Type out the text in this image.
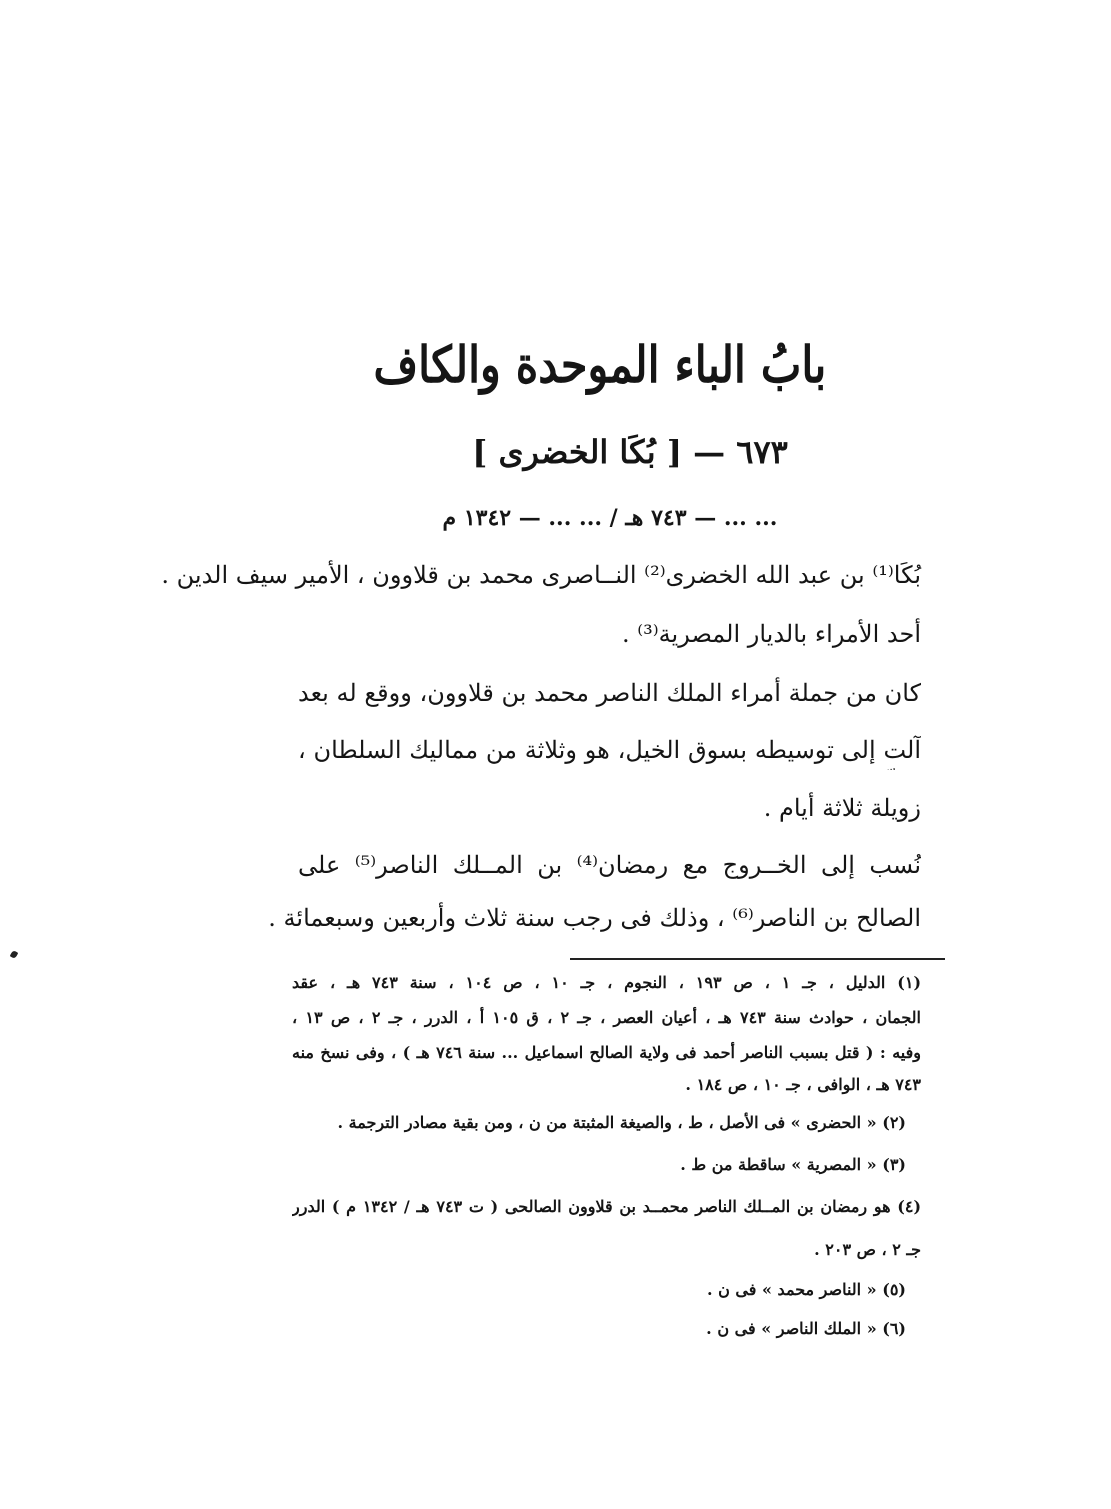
بابُ الباء الموحدة والكاف
٦٧٣ — [ بُكَا الخضرى ]
... ... — ٧٤٣ هـ / ... ... — ١٣٤٢ م
بُكَا⁽¹⁾ بن عبد الله الخضرى⁽²⁾ النــاصرى محمد بن قلاوون ، الأمير سيف الدين .
أحد الأمراء بالديار المصرية⁽³⁾ .
كان من جملة أمراء الملك الناصر محمد بن قلاوون، ووقع له بعد
آلت إلى توسيطه بسوق الخيل، هو وثلاثة من مماليك السلطان ،
زويلة ثلاثة أيام .
نُسب إلى الخــروج مع رمضان⁽⁴⁾ بن المــلك الناصر⁽⁵⁾ على
الصالح بن الناصر⁽⁶⁾ ، وذلك فى رجب سنة ثلاث وأربعين وسبعمائة .
(١) الدليل ، جـ ١ ، ص ١٩٣ ، النجوم ، جـ ١٠ ، ص ١٠٤ ، سنة ٧٤٣ هـ ، عقد
الجمان ، حوادث سنة ٧٤٣ هـ ، أعيان العصر ، جـ ٢ ، ق ١٠٥ أ ، الدرر ، جـ ٢ ، ص ١٣ ،
وفيه : ( قتل بسبب الناصر أحمد فى ولاية الصالح اسماعيل ... سنة ٧٤٦ هـ ) ، وفى نسخ منه
٧٤٣ هـ ، الوافى ، جـ ١٠ ، ص ١٨٤ .
(٢) « الحضرى » فى الأصل ، ط ، والصيغة المثبتة من ن ، ومن بقية مصادر الترجمة .
(٣) « المصرية » ساقطة من ط .
(٤) هو رمضان بن المــلك الناصر محمــد بن قلاوون الصالحى ( ت ٧٤٣ هـ / ١٣٤٢ م ) الدرر
جـ ٢ ، ص ٢٠٣ .
(٥) « الناصر محمد » فى ن .
(٦) « الملك الناصر » فى ن .
